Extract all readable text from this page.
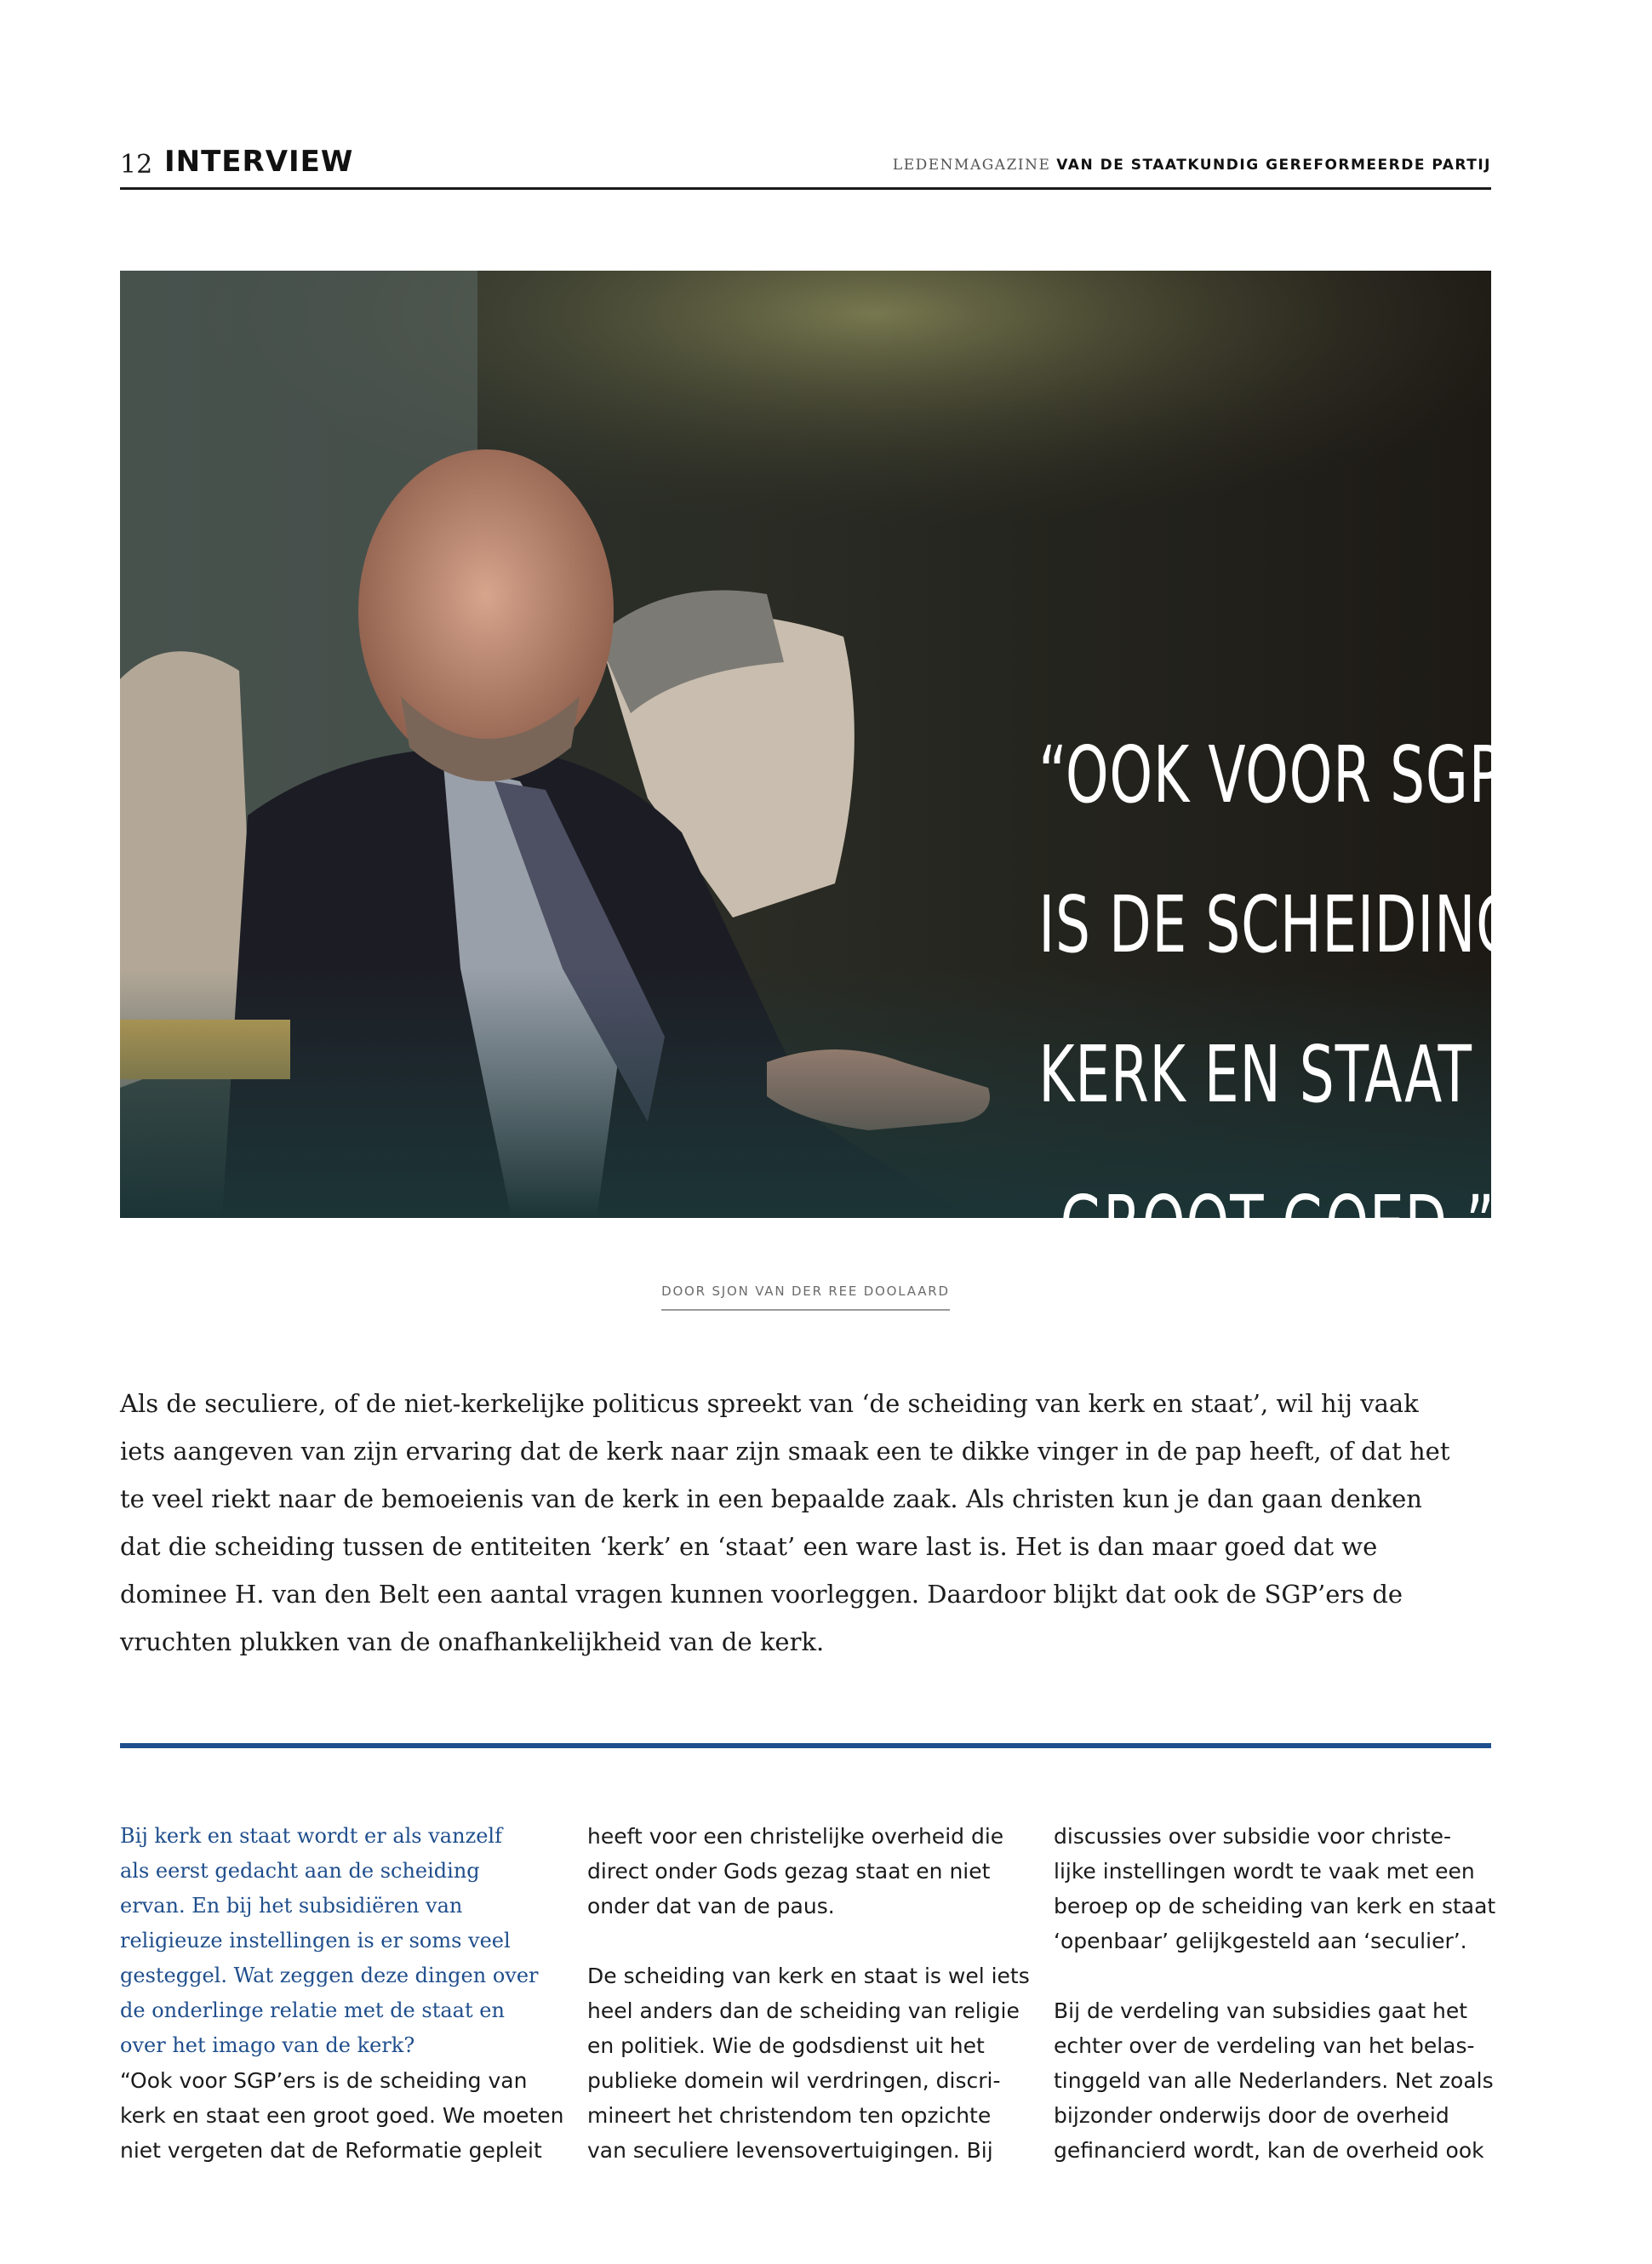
12 INTERVIEW	LEDENMAGAZINE VAN DE STAATKUNDIG GEREFORMEERDE PARTIJ
“OOK VOOR SGP’ERS
IS DE SCHEIDING VAN
KERK EN STAAT EEN
GROOT GOED.”
DOOR SJON VAN DER REE DOOLAARD
Als de seculiere, of de niet-kerkelijke politicus spreekt van ‘de scheiding van kerk en staat’, wil hij vaak
iets aangeven van zijn ervaring dat de kerk naar zijn smaak een te dikke vinger in de pap heeft, of dat het
te veel riekt naar de bemoeienis van de kerk in een bepaalde zaak. Als christen kun je dan gaan denken
dat die scheiding tussen de entiteiten ‘kerk’ en ‘staat’ een ware last is. Het is dan maar goed dat we
dominee H. van den Belt een aantal vragen kunnen voorleggen. Daardoor blijkt dat ook de SGP’ers de
vruchten plukken van de onafhankelijkheid van de kerk.
Bij kerk en staat wordt er als vanzelf
als eerst gedacht aan de scheiding
ervan. En bij het subsidiëren van
religieuze instellingen is er soms veel
gesteggel. Wat zeggen deze dingen over
de onderlinge relatie met de staat en
over het imago van de kerk?
“Ook voor SGP’ers is de scheiding van
kerk en staat een groot goed. We moeten
niet vergeten dat de Reformatie gepleit
heeft voor een christelijke overheid die
direct onder Gods gezag staat en niet
onder dat van de paus.
De scheiding van kerk en staat is wel iets
heel anders dan de scheiding van religie
en politiek. Wie de godsdienst uit het
publieke domein wil verdringen, discri-
mineert het christendom ten opzichte
van seculiere levensovertuigingen. Bij
discussies over subsidie voor christe-
lijke instellingen wordt te vaak met een
beroep op de scheiding van kerk en staat
‘openbaar’ gelijkgesteld aan ‘seculier’.
Bij de verdeling van subsidies gaat het
echter over de verdeling van het belas-
tinggeld van alle Nederlanders. Net zoals
bijzonder onderwijs door de overheid
gefinancierd wordt, kan de overheid ook
